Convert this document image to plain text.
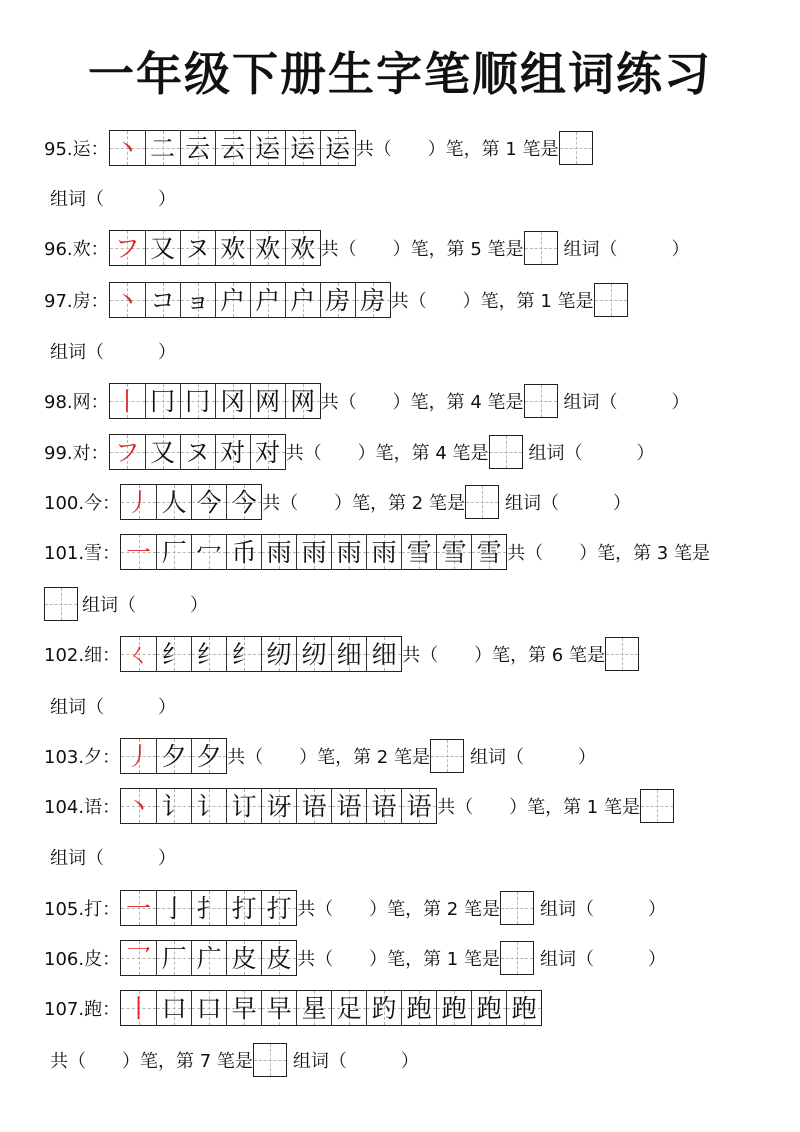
一年级下册生字笔顺组词练习
95.运： 丶 二 云 云 运 运 运 共（　　）笔，第 1 笔是
组词（　　　）
96.欢： フ 又 ヌ 欢 欢 欢 共（　　）笔，第 5 笔是 组词（　　　）
97.房： 丶 コ ョ 户 户 户 房 房 共（　　）笔，第 1 笔是
组词（　　　）
98.网： 丨 冂 冂 冈 网 网 共（　　）笔，第 4 笔是 组词（　　　）
99.对： フ 又 ヌ 对 对 共（　　）笔，第 4 笔是 组词（　　　）
100.今： 丿 人 今 今 共（　　）笔，第 2 笔是 组词（　　　）
101.雪： 一 厂 冖 币 雨 雨 雨 雨 雪 雪 雪 共（　　）笔，第 3 笔是
组词（　　　）
102.细： ㄑ 纟 纟 纟 纫 纫 细 细 共（　　）笔，第 6 笔是
组词（　　　）
103.夕： 丿 夕 夕 共（　　）笔，第 2 笔是 组词（　　　）
104.语： 丶 讠 讠 订 讶 语 语 语 语 共（　　）笔，第 1 笔是
组词（　　　）
105.打： 一 亅 扌 打 打 共（　　）笔，第 2 笔是 组词（　　　）
106.皮： 乛 厂 广 皮 皮 共（　　）笔，第 1 笔是 组词（　　　）
107.跑： 丨 口 口 早 早 星 足 趵 跑 跑 跑 跑
共（　　）笔，第 7 笔是 组词（　　　）
